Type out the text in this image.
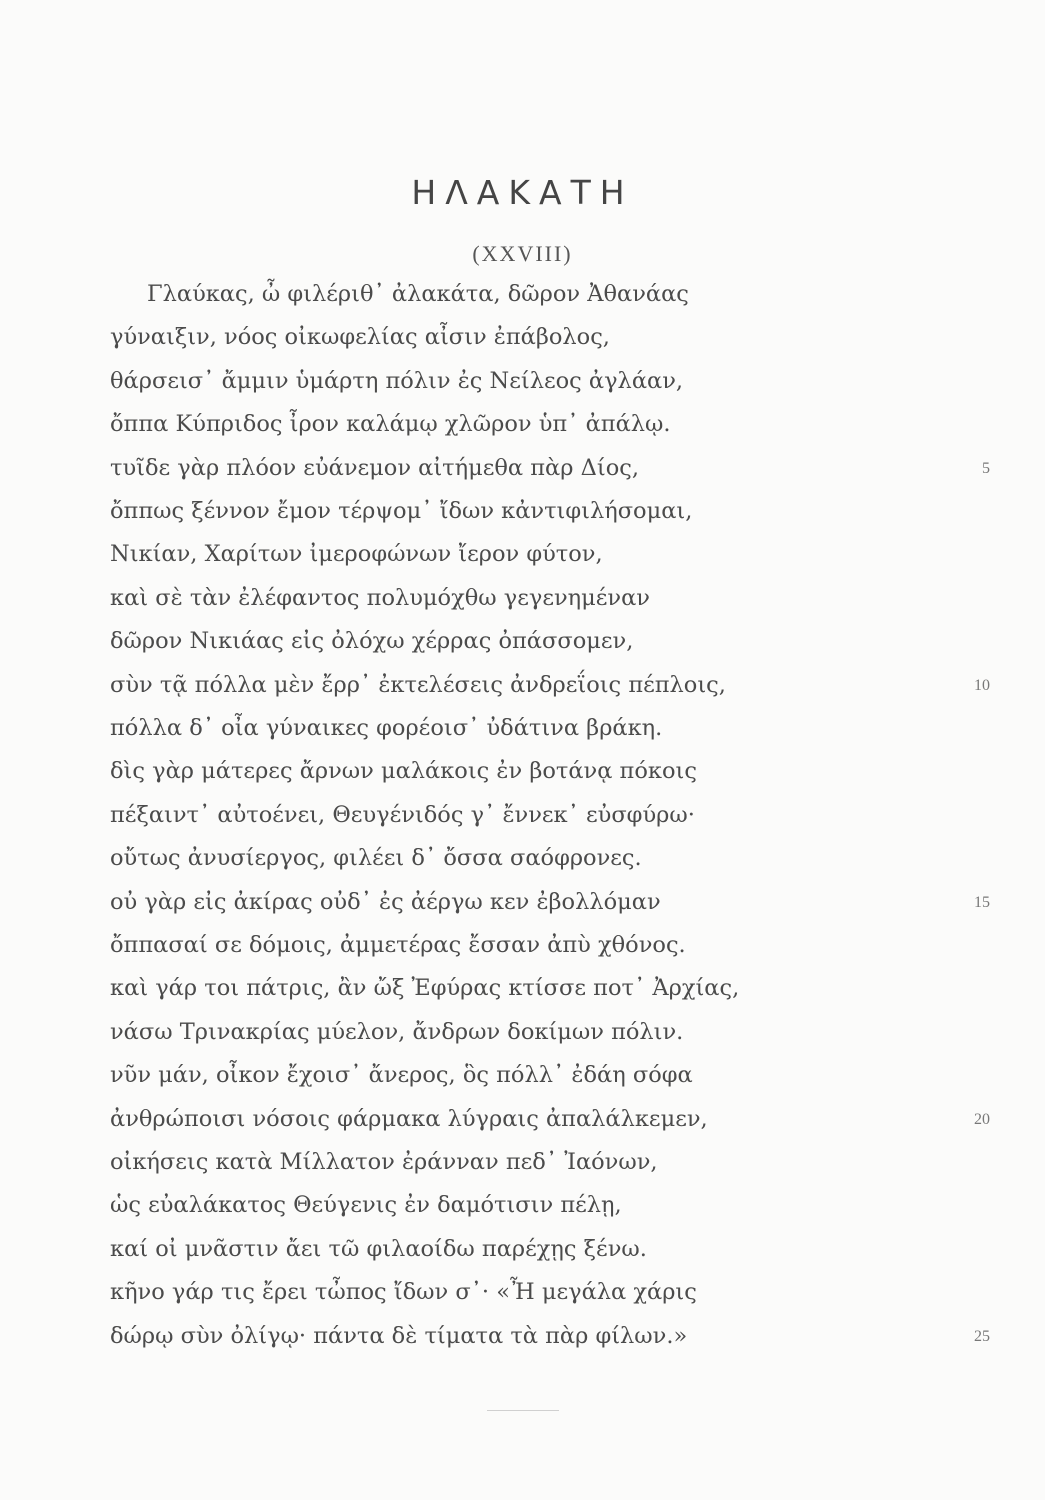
ΗΛΑΚΑΤΗ
(XXVIII)
Γλαύκας, ὦ φιλέριθ᾽ ἀλακάτα, δῶρον Ἀθανάας
γύναιξιν, νόος οἰκωφελίας αἶσιν ἐπάβολος,
θάρσεισ᾽ ἄμμιν ὑμάρτη πόλιν ἐς Νείλεος ἀγλάαν,
ὄππα Κύπριδος ἶρον καλάμῳ χλῶρον ὑπ᾽ ἀπάλῳ.
τυῖδε γὰρ πλόον εὐάνεμον αἰτήμεθα πὰρ Δίος,
ὄππως ξέννον ἔμον τέρψομ᾽ ἴδων κἀντιφιλήσομαι,
Νικίαν, Χαρίτων ἰμεροφώνων ἴερον φύτον,
καὶ σὲ τὰν ἐλέφαντος πολυμόχθω γεγενημέναν
δῶρον Νικιάας εἰς ὀλόχω χέρρας ὀπάσσομεν,
σὺν τᾷ πόλλα μὲν ἔρρ᾽ ἐκτελέσεις ἀνδρεΐοις πέπλοις,
πόλλα δ᾽ οἶα γύναικες φορέοισ᾽ ὐδάτινα βράκη.
δὶς γὰρ μάτερες ἄρνων μαλάκοις ἐν βοτάνᾳ πόκοις
πέξαιντ᾽ αὐτοένει, Θευγένιδός γ᾽ ἔννεκ᾽ εὐσφύρω·
οὔτως ἀνυσίεργος, φιλέει δ᾽ ὄσσα σαόφρονες.
οὐ γὰρ εἰς ἀκίρας οὐδ᾽ ἐς ἀέργω κεν ἐβολλόμαν
ὄππασαί σε δόμοις, ἀμμετέρας ἔσσαν ἀπὺ χθόνος.
καὶ γάρ τοι πάτρις, ἂν ὤξ Ἐφύρας κτίσσε ποτ᾽ Ἀρχίας,
νάσω Τρινακρίας μύελον, ἄνδρων δοκίμων πόλιν.
νῦν μάν, οἶκον ἔχοισ᾽ ἄνερος, ὃς πόλλ᾽ ἐδάη σόφα
ἀνθρώποισι νόσοις φάρμακα λύγραις ἀπαλάλκεμεν,
οἰκήσεις κατὰ Μίλλατον ἐράνναν πεδ᾽ Ἰαόνων,
ὡς εὐαλάκατος Θεύγενις ἐν δαμότισιν πέλῃ,
καί οἰ μνᾶστιν ἄει τῶ φιλαοίδω παρέχῃς ξένω.
κῆνο γάρ τις ἔρει τὦπος ἴδων σ᾽· «Ἦ μεγάλα χάρις
δώρῳ σὺν ὀλίγῳ· πάντα δὲ τίματα τὰ πὰρ φίλων.»
5
10
15
20
25
